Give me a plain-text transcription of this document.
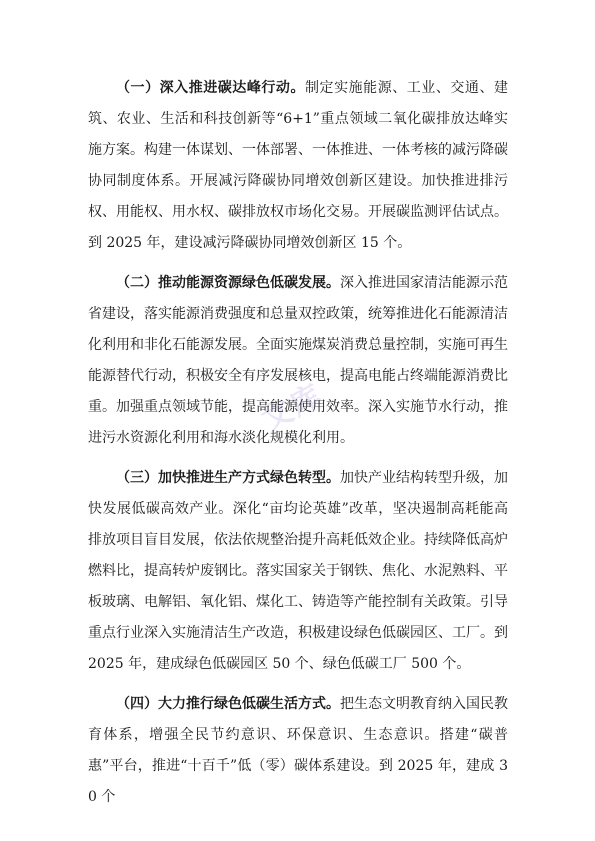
（一）深入推进碳达峰行动。制定实施能源、工业、交通、建筑、农业、生活和科技创新等“6+1”重点领域二氧化碳排放达峰实施方案。构建一体谋划、一体部署、一体推进、一体考核的减污降碳协同制度体系。开展减污降碳协同增效创新区建设。加快推进排污权、用能权、用水权、碳排放权市场化交易。开展碳监测评估试点。到 2025 年，建设减污降碳协同增效创新区 15 个。

（二）推动能源资源绿色低碳发展。深入推进国家清洁能源示范省建设，落实能源消费强度和总量双控政策，统筹推进化石能源清洁化利用和非化石能源发展。全面实施煤炭消费总量控制，实施可再生能源替代行动，积极安全有序发展核电，提高电能占终端能源消费比重。加强重点领域节能，提高能源使用效率。深入实施节水行动，推进污水资源化利用和海水淡化规模化利用。

（三）加快推进生产方式绿色转型。加快产业结构转型升级，加快发展低碳高效产业。深化“亩均论英雄”改革，坚决遏制高耗能高排放项目盲目发展，依法依规整治提升高耗低效企业。持续降低高炉燃料比，提高转炉废钢比。落实国家关于钢铁、焦化、水泥熟料、平板玻璃、电解铝、氧化铝、煤化工、铸造等产能控制有关政策。引导重点行业深入实施清洁生产改造，积极建设绿色低碳园区、工厂。到 2025 年，建成绿色低碳园区 50 个、绿色低碳工厂 500 个。

（四）大力推行绿色低碳生活方式。把生态文明教育纳入国民教育体系，增强全民节约意识、环保意识、生态意识。搭建“碳普惠”平台，推进“十百千”低（零）碳体系建设。到 2025 年，建成 30 个

文库
